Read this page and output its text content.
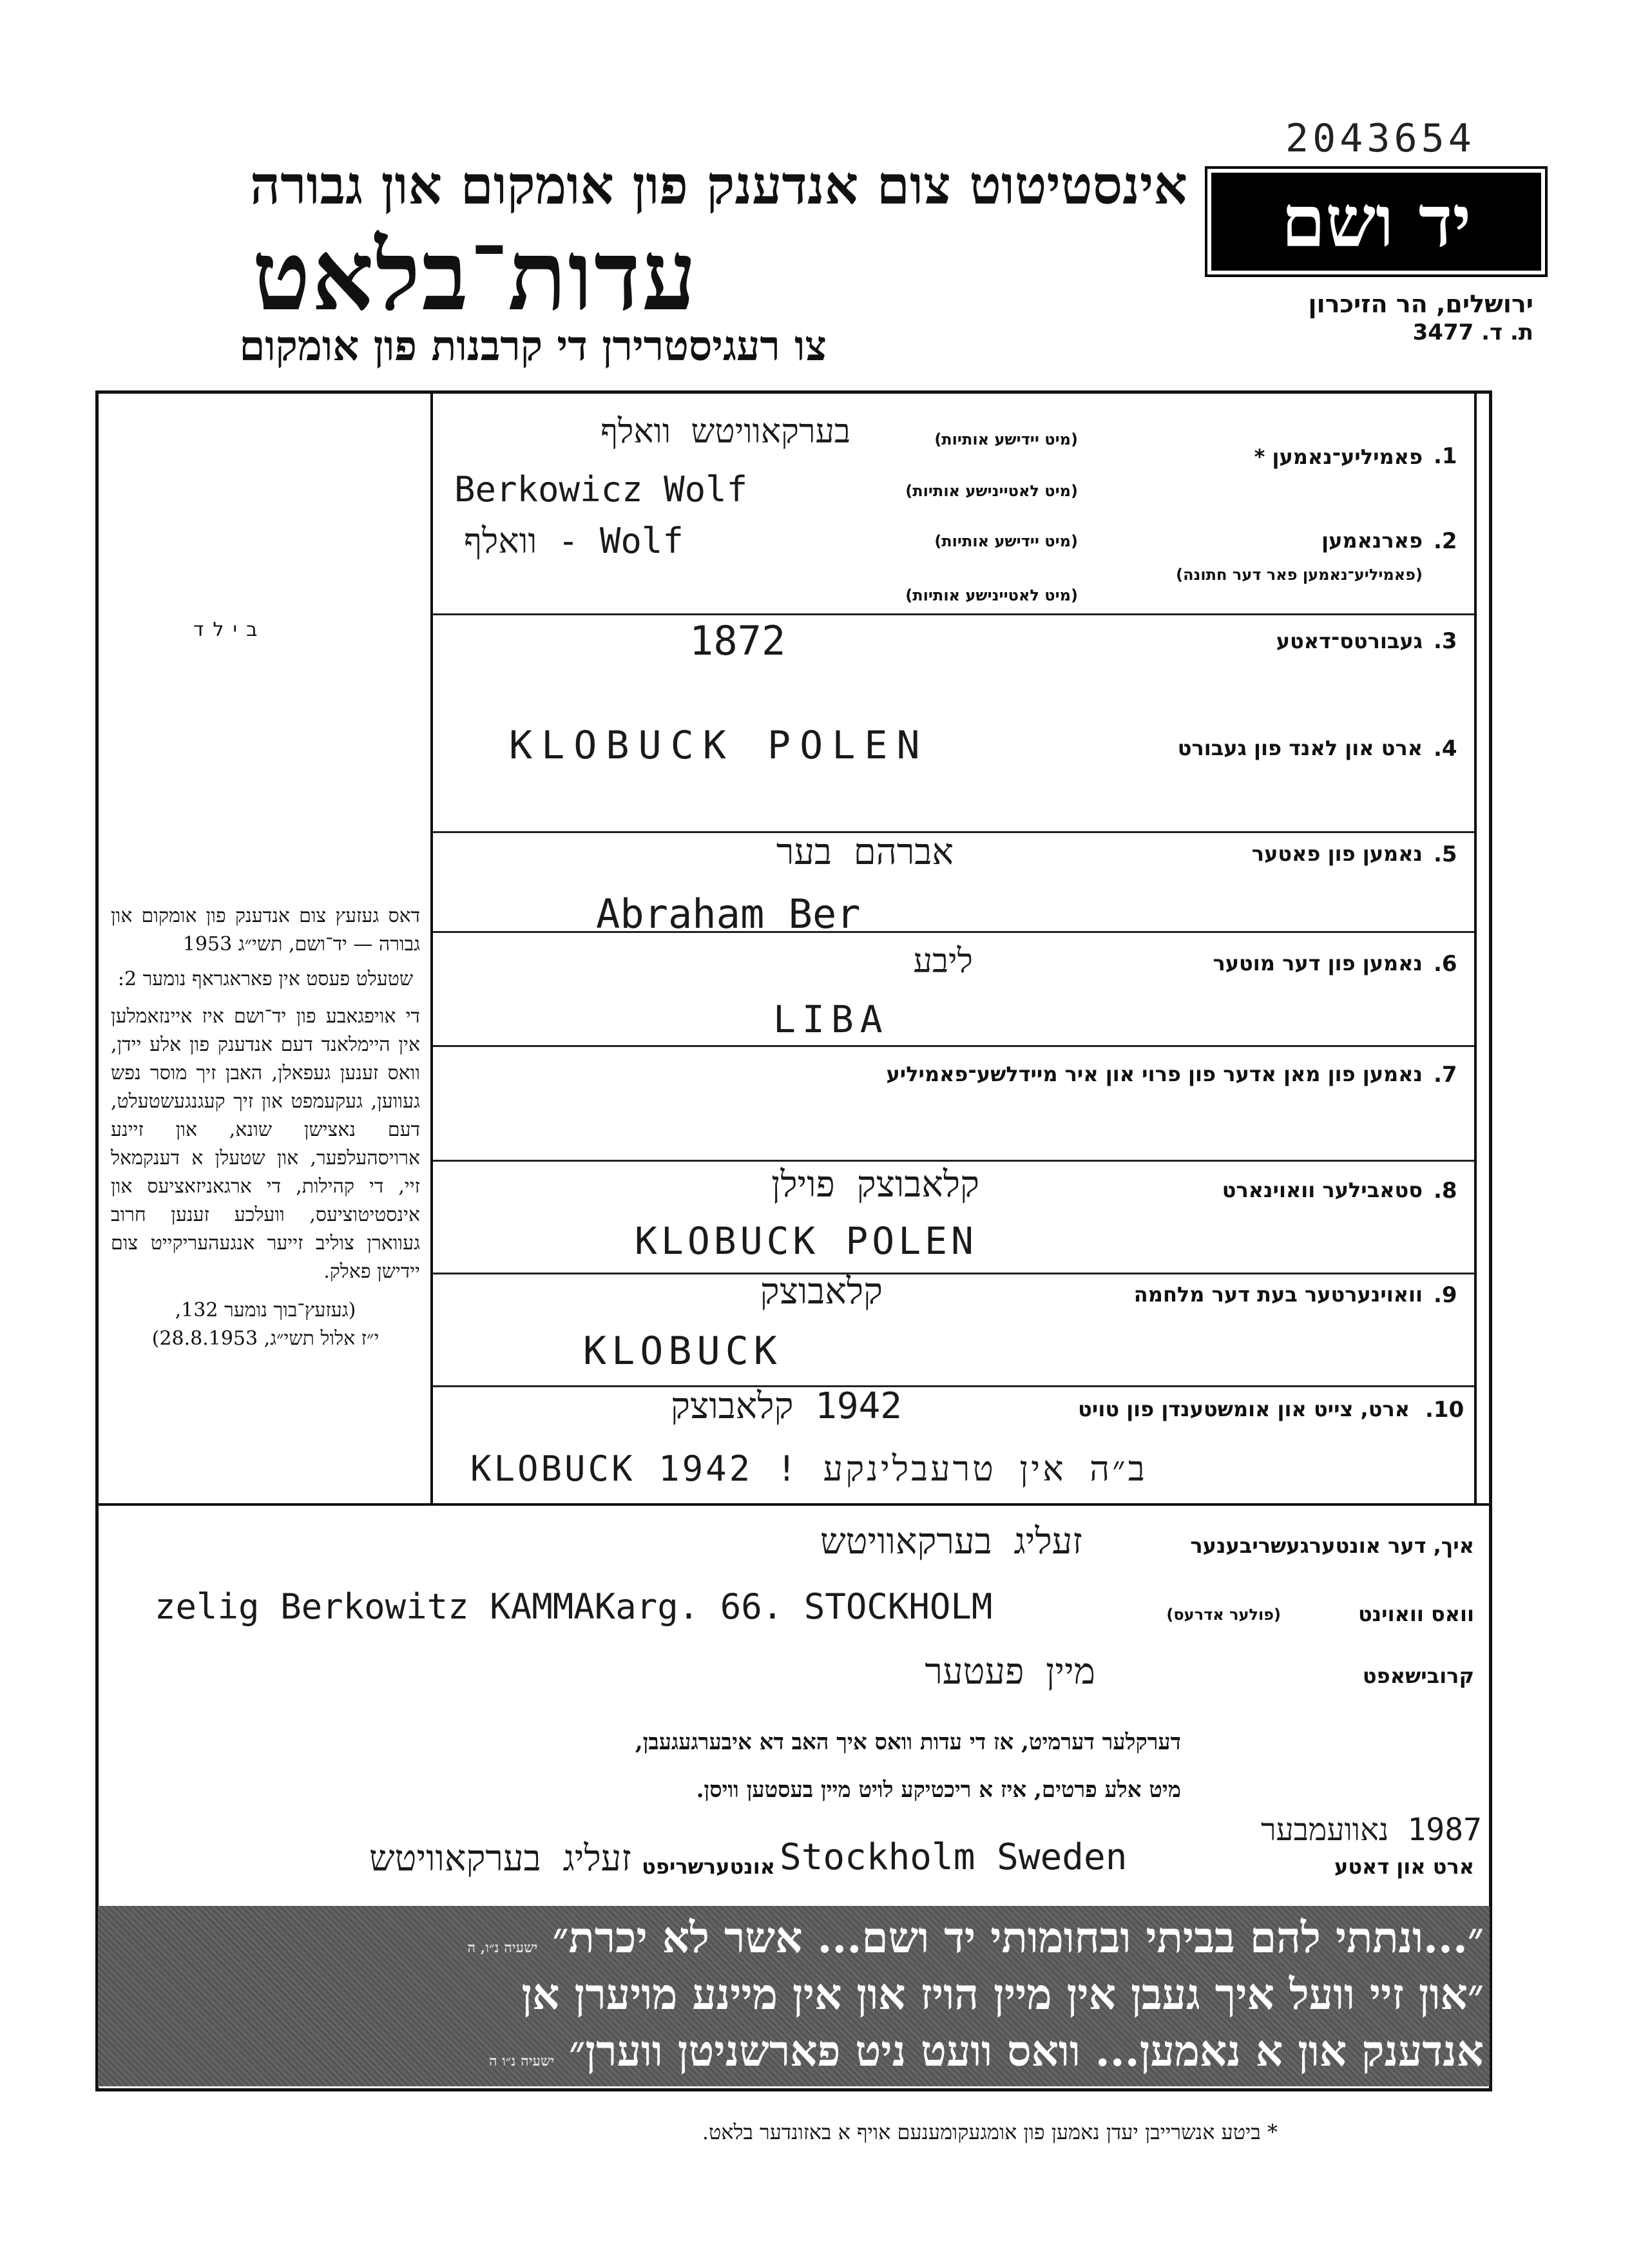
2043654
אינסטיטוט צום אנדענק פון אומקום און גבורה
עדות־בלאט
צו רעגיסטרירן די קרבנות פון אומקום
יד ושם
ירושלים, הר הזיכרון
ת. ד. 3477
בילד
דאס געזעץ צום אנדענק פון אומקום און גבורה — יד־ושם, תשי״ג 1953
שטעלט פעסט אין פאראגראף נומער 2:
די אויפגאבע פון יד־ושם איז איינזאמלען אין היימלאנד דעם אנדענק פון אלע יידן, וואס זענען געפאלן, האבן זיך מוסר נפש געווען, געקעמפט און זיך קעגנגעשטעלט, דעם נאצישן שונא, און זיינע ארויסהעלפער, און שטעלן א דענקמאל זיי, די קהילות, די ארגאניזאציעס און אינסטיטוציעס, וועלכע זענען חרוב געווארן צוליב זייער אנגעהעריקייט צום יידישן פאלק.
(געזעץ־בוך נומער 132,
י״ז אלול תשי״ג, 28.8.1953)
.1
פאמיליע־נאמען *
(מיט יידישע אותיות)
(מיט לאטיינישע אותיות)
בערקאוויטש וואלף
Berkowicz Wolf
.2
פארנאמען
(פאמיליע־נאמען פאר דער חתונה)
(מיט יידישע אותיות)
(מיט לאטיינישע אותיות)
וואלף - Wolf
.3
געבורטס־דאטע
1872
.4
ארט און לאנד פון געבורט
KLOBUCK POLEN
.5
נאמען פון פאטער
אברהם בער
Abraham Ber
.6
נאמען פון דער מוטער
ליבע
LIBA
.7
נאמען פון מאן אדער פון פרוי און איר מיידלשע־פאמיליע
.8
סטאבילער וואוינארט
קלאבוצק פוילן
KLOBUCK POLEN
.9
וואוינערטער בעת דער מלחמה
קלאבוצק
KLOBUCK
.10
ארט, צייט און אומשטענדן פון טויט
1942 קלאבוצק
KLOBUCK 1942 ! ב״ה אין טרעבלינקע
איך, דער אונטערגעשריבענער
זעליג בערקאוויטש
וואס וואוינט
(פולער אדרעס)
zelig Berkowitz KAMMAKarg. 66. STOCKHOLM
קרובישאפט
מיין פעטער
דערקלער דערמיט, אז די עדות וואס איך האב דא איבערגעגעבן,
מיט אלע פרטים, איז א ריכטיקע לויט מיין בעסטען וויסן.
1987 נאוועמבער
ארט און דאטע
Stockholm Sweden
אונטערשריפט
זעליג בערקאוויטש
״...ונתתי להם בביתי ובחומותי יד ושם... אשר לא יכרת״ ישעיה נ״ו, ה
״און זיי וועל איך געבן אין מיין הויז און אין מיינע מויערן אן
אנדענק און א נאמען... וואס וועט ניט פארשניטן ווערן״ ישעיה נ״ו ה
* ביטע אנשרייבן יעדן נאמען פון אומגעקומענעם אויף א באזונדער בלאט.
